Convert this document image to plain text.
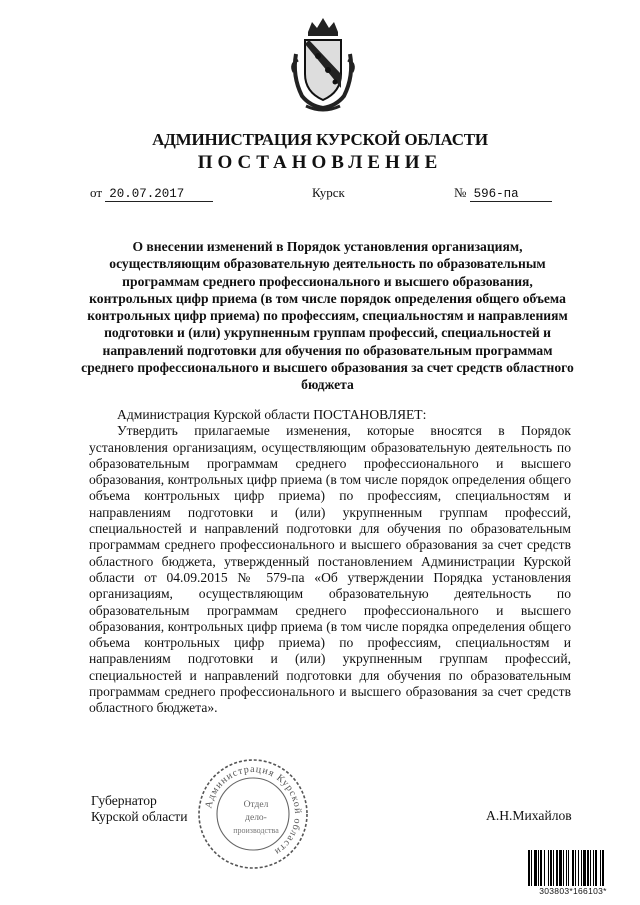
АДМИНИСТРАЦИЯ КУРСКОЙ ОБЛАСТИ
ПОСТАНОВЛЕНИЕ
от 20.07.2017	Курск	№ 596-па
О внесении изменений в Порядок установления организациям, осуществляющим образовательную деятельность по образовательным программам среднего профессионального и высшего образования, контрольных цифр приема (в том числе порядок определения общего объема контрольных цифр приема) по профессиям, специальностям и направлениям подготовки и (или) укрупненным группам профессий, специальностей и направлений подготовки для обучения по образовательным программам среднего профессионального и высшего образования за счет средств областного бюджета

Администрация Курской области ПОСТАНОВЛЯЕТ:

Утвердить прилагаемые изменения, которые вносятся в Порядок установления организациям, осуществляющим образовательную деятельность по образовательным программам среднего профессионального и высшего образования, контрольных цифр приема (в том числе порядок определения общего объема контрольных цифр приема) по профессиям, специальностям и направлениям подготовки и (или) укрупненным группам профессий, специальностей и направлений подготовки для обучения по образовательным программам среднего профессионального и высшего образования за счет средств областного бюджета, утвержденный постановлением Администрации Курской области от 04.09.2015 № 579-па «Об утверждении Порядка установления организациям, осуществляющим образовательную деятельность по образовательным программам среднего профессионального и высшего образования, контрольных цифр приема (в том числе порядка определения общего объема контрольных цифр приема) по профессиям, специальностям и направлениям подготовки и (или) укрупненным группам профессий, специальностей и направлений подготовки для обучения по образовательным программам среднего профессионального и высшего образования за счет средств областного бюджета».

Губернатор
Курской области
Администрация Курской области
Отдел
дело-
производства
А.Н.Михайлов
303803*166103*
